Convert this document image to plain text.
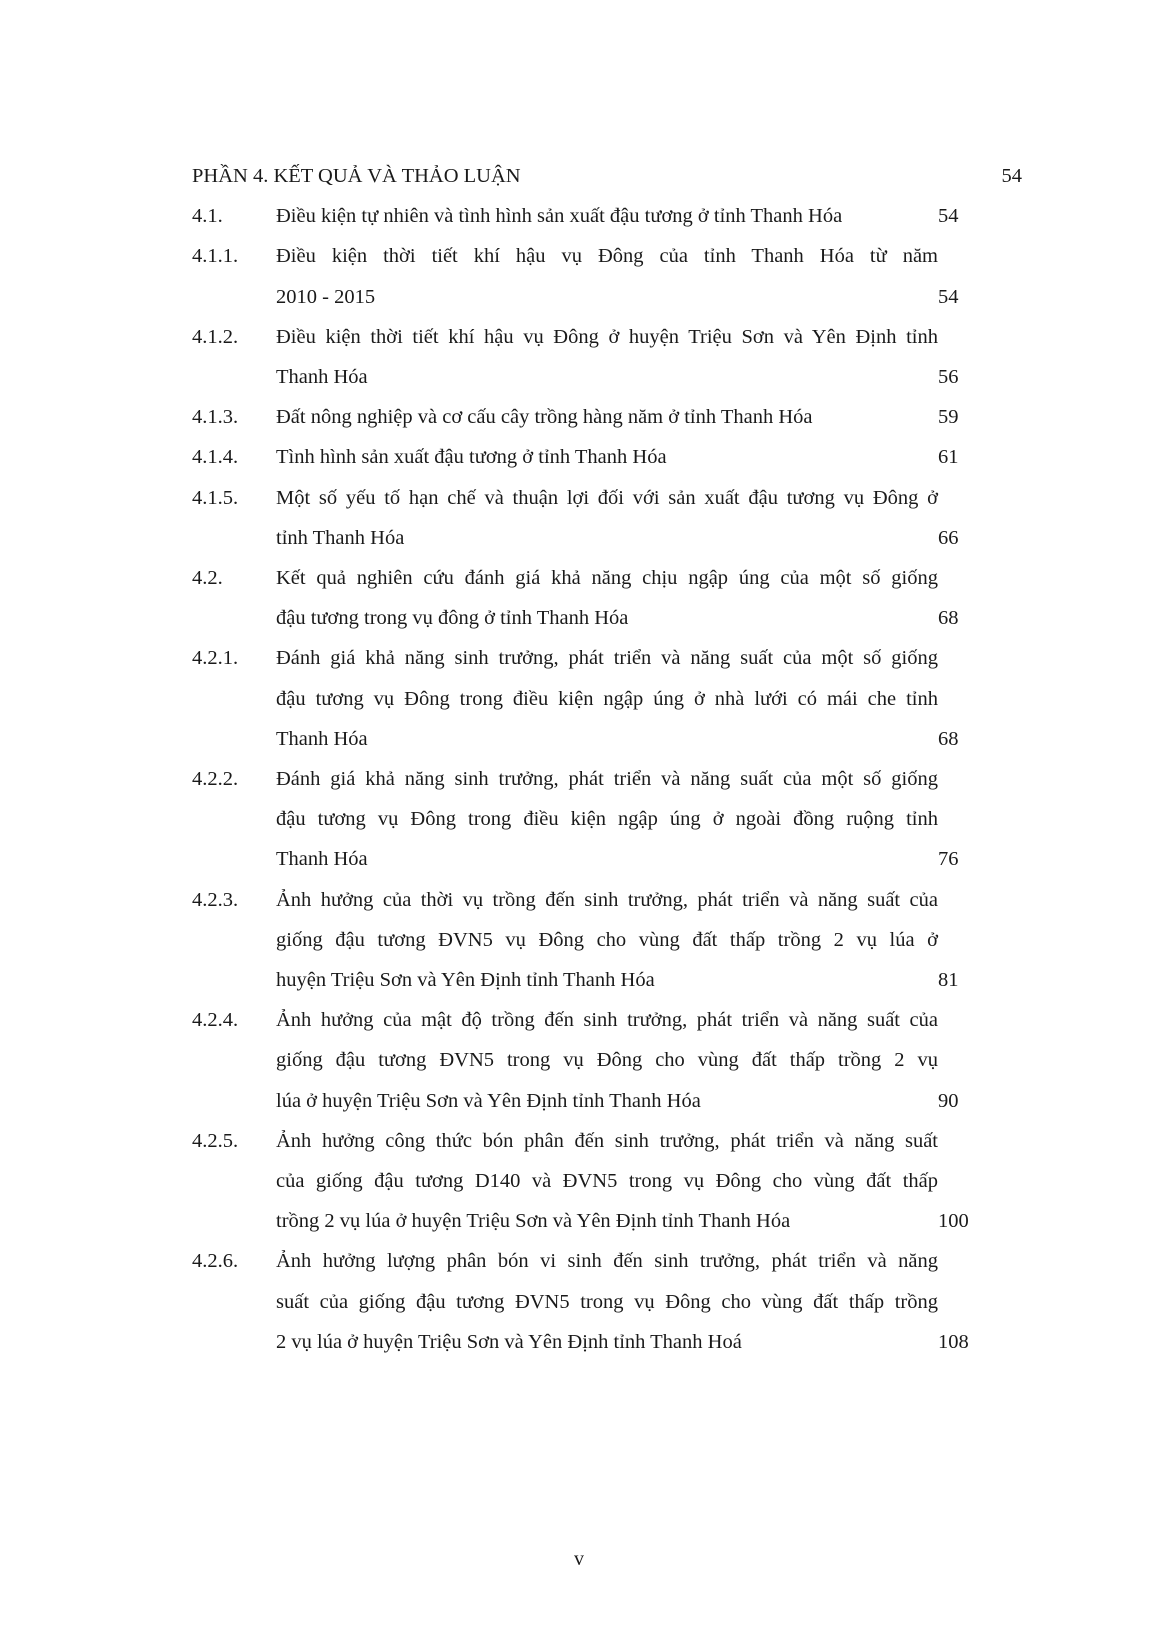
PHẦN 4. KẾT QUẢ VÀ THẢO LUẬN	54
4.1.	Điều kiện tự nhiên và tình hình sản xuất đậu tương ở tỉnh Thanh Hóa	54
4.1.1.	Điều kiện thời tiết khí hậu vụ Đông của tỉnh Thanh Hóa từ năm
2010 - 2015	54
4.1.2.	Điều kiện thời tiết khí hậu vụ Đông ở huyện Triệu Sơn và Yên Định tỉnh
Thanh Hóa	56
4.1.3.	Đất nông nghiệp và cơ cấu cây trồng hàng năm ở tỉnh Thanh Hóa	59
4.1.4.	Tình hình sản xuất đậu tương ở tỉnh Thanh Hóa	61
4.1.5.	Một số yếu tố hạn chế và thuận lợi đối với sản xuất đậu tương vụ Đông ở
tỉnh Thanh Hóa	66
4.2.	Kết quả nghiên cứu đánh giá khả năng chịu ngập úng của một số giống
đậu tương trong vụ đông ở tỉnh Thanh Hóa	68
4.2.1.	Đánh giá khả năng sinh trưởng, phát triển và năng suất của một số giống
đậu tương vụ Đông trong điều kiện ngập úng ở nhà lưới có mái che tỉnh
Thanh Hóa	68
4.2.2.	Đánh giá khả năng sinh trưởng, phát triển và năng suất của một số giống
đậu tương vụ Đông trong điều kiện ngập úng ở ngoài đồng ruộng tỉnh
Thanh Hóa	76
4.2.3.	Ảnh hưởng của thời vụ trồng đến sinh trưởng, phát triển và năng suất của
giống đậu tương ĐVN5 vụ Đông cho vùng đất thấp trồng 2 vụ lúa ở
huyện Triệu Sơn và Yên Định tỉnh Thanh Hóa	81
4.2.4.	Ảnh hưởng của mật độ trồng đến sinh trưởng, phát triển và năng suất của
giống đậu tương ĐVN5 trong vụ Đông cho vùng đất thấp trồng 2 vụ
lúa ở huyện Triệu Sơn và Yên Định tỉnh Thanh Hóa	90
4.2.5.	Ảnh hưởng công thức bón phân đến sinh trưởng, phát triển và năng suất
của giống đậu tương D140 và ĐVN5 trong vụ Đông cho vùng đất thấp
trồng 2 vụ lúa ở huyện Triệu Sơn và Yên Định tỉnh Thanh Hóa	100
4.2.6.	Ảnh hưởng lượng phân bón vi sinh đến sinh trưởng, phát triển và năng
suất của giống đậu tương ĐVN5 trong vụ Đông cho vùng đất thấp trồng
2 vụ lúa ở huyện Triệu Sơn và Yên Định tỉnh Thanh Hoá	108
v
